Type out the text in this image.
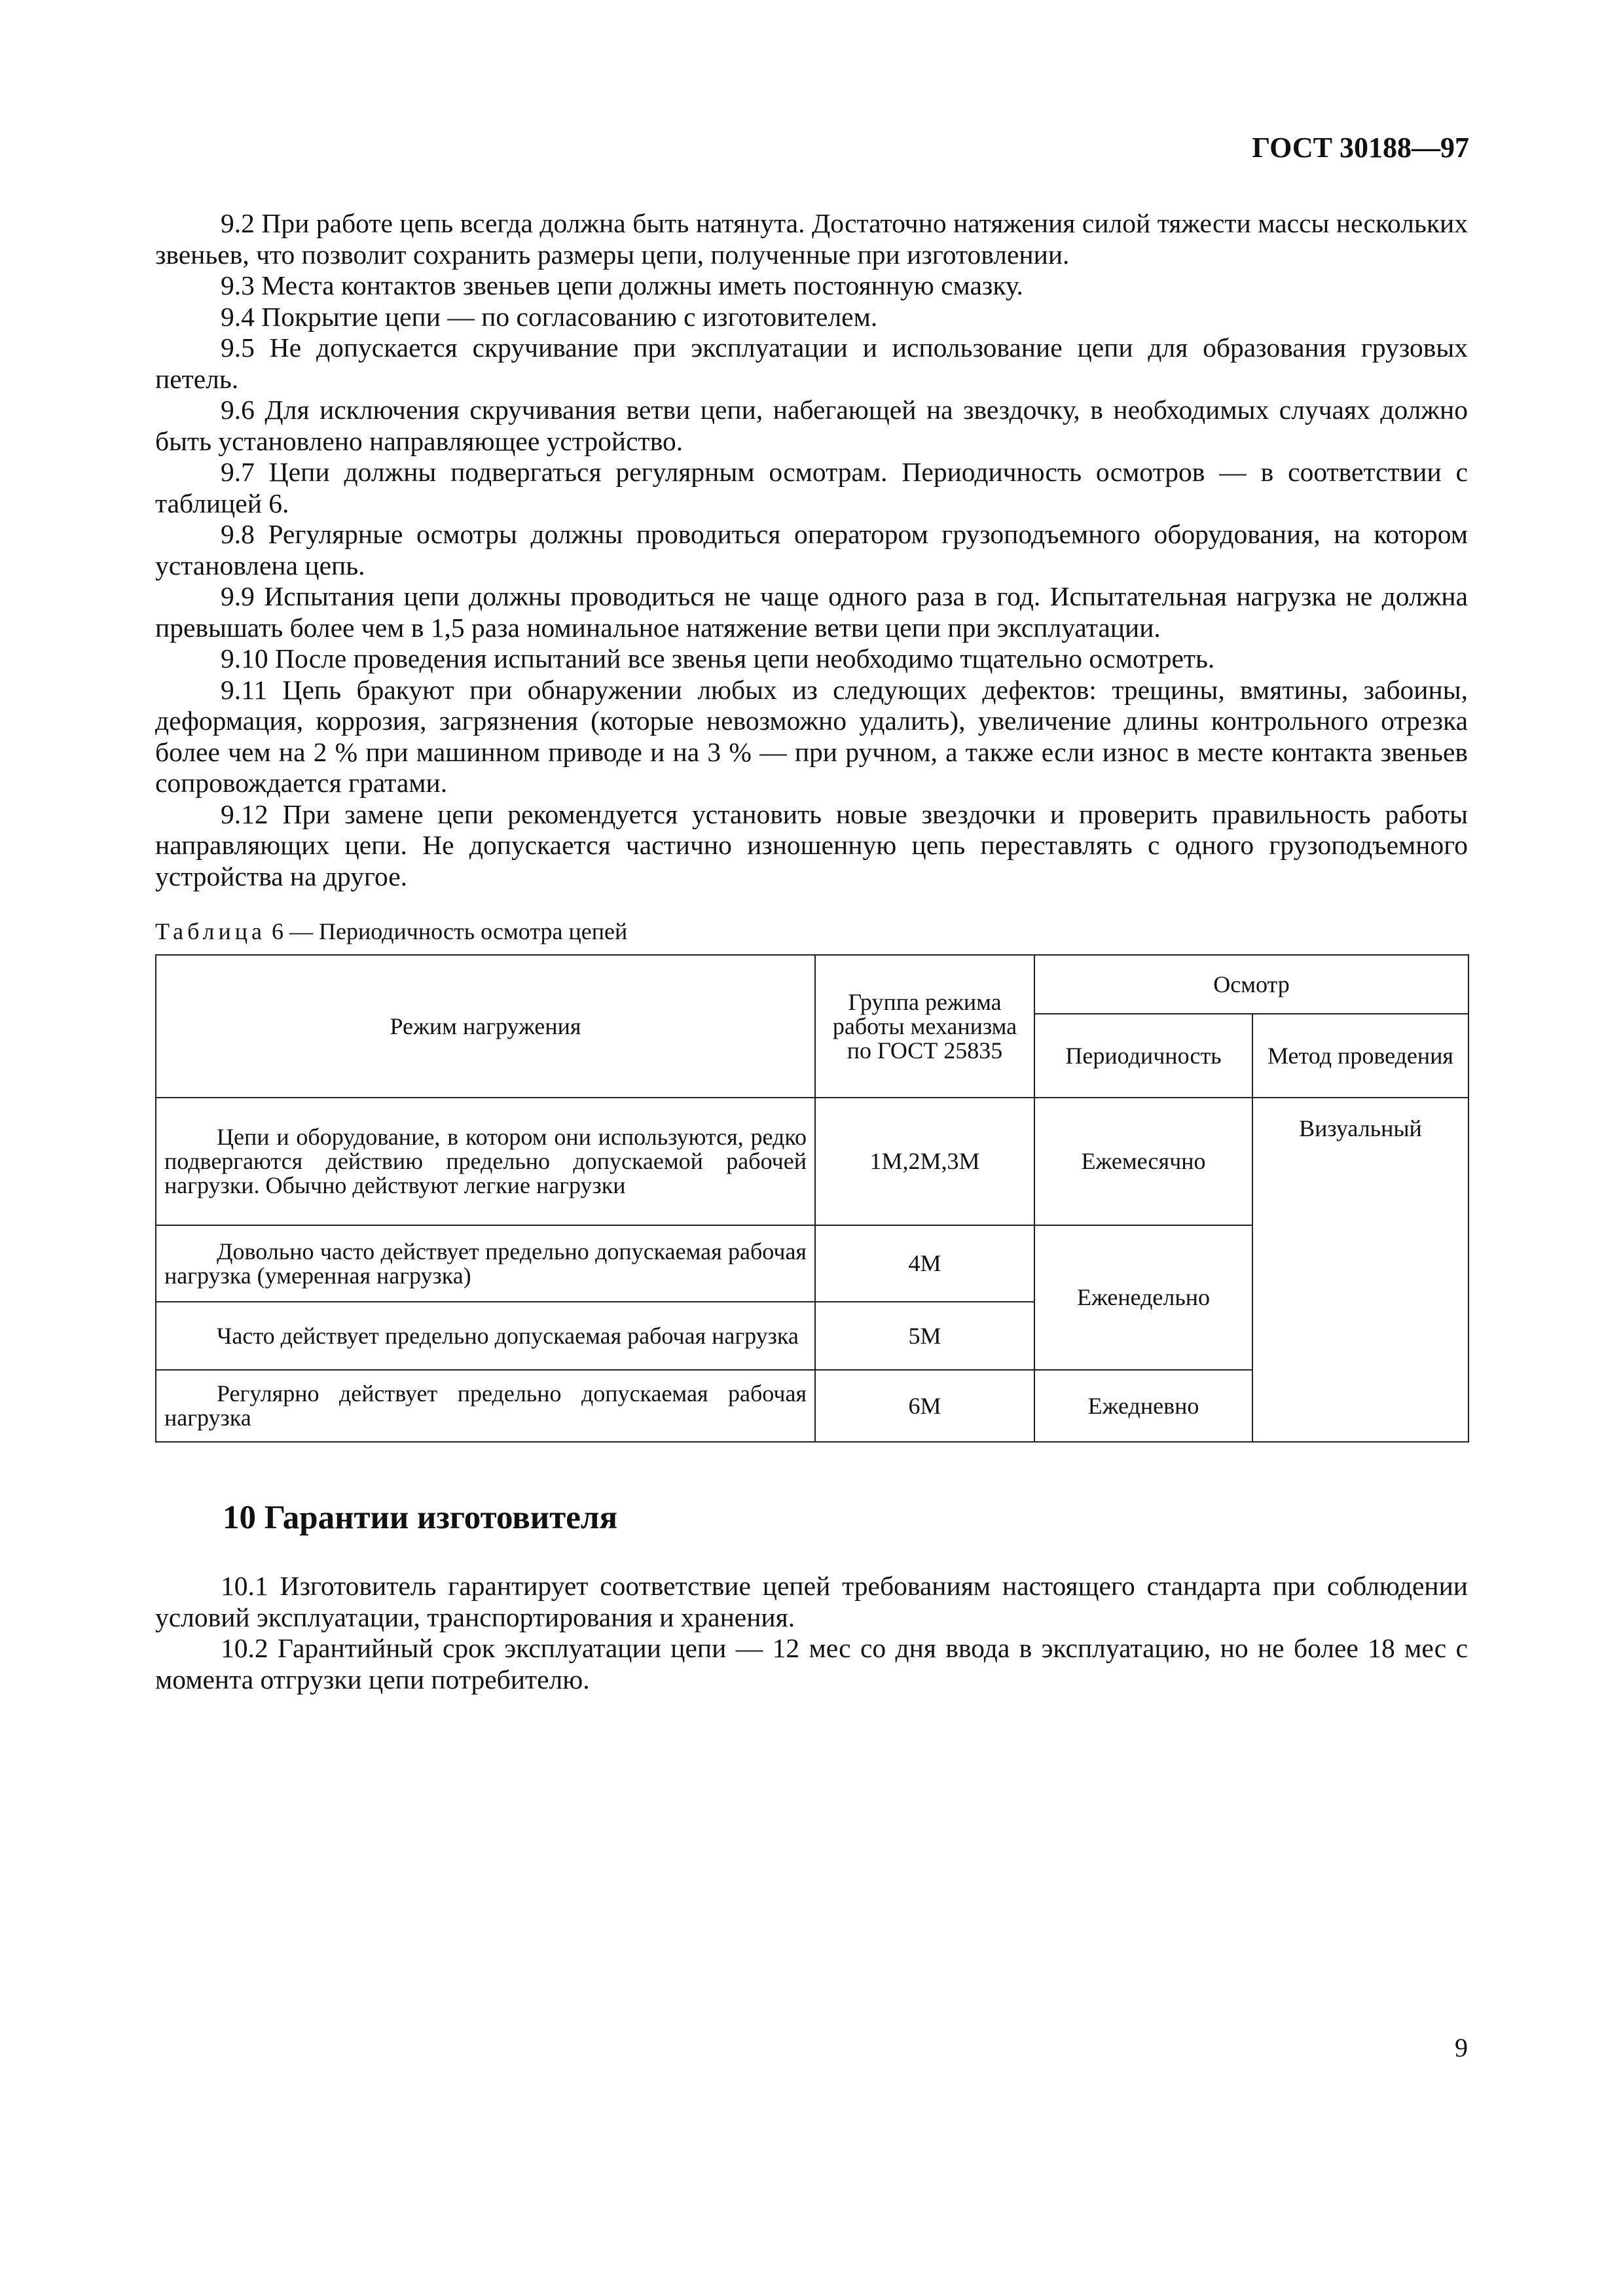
ГОСТ 30188—97

9.2 При работе цепь всегда должна быть натянута. Достаточно натяжения силой тяжести массы нескольких звеньев, что позволит сохранить размеры цепи, полученные при изготовлении.

9.3 Места контактов звеньев цепи должны иметь постоянную смазку.

9.4 Покрытие цепи — по согласованию с изготовителем.

9.5 Не допускается скручивание при эксплуатации и использование цепи для образования грузовых петель.

9.6 Для исключения скручивания ветви цепи, набегающей на звездочку, в необходимых случаях должно быть установлено направляющее устройство.

9.7 Цепи должны подвергаться регулярным осмотрам. Периодичность осмотров — в соответствии с таблицей 6.

9.8 Регулярные осмотры должны проводиться оператором грузоподъемного оборудования, на котором установлена цепь.

9.9 Испытания цепи должны проводиться не чаще одного раза в год. Испытательная нагрузка не должна превышать более чем в 1,5 раза номинальное натяжение ветви цепи при эксплуатации.

9.10 После проведения испытаний все звенья цепи необходимо тщательно осмотреть.

9.11 Цепь бракуют при обнаружении любых из следующих дефектов: трещины, вмятины, забоины, деформация, коррозия, загрязнения (которые невозможно удалить), увеличение длины контрольного отрезка более чем на 2 % при машинном приводе и на 3 % — при ручном, а также если износ в месте контакта звеньев сопровождается гратами.

9.12 При замене цепи рекомендуется установить новые звездочки и проверить правильность работы направляющих цепи. Не допускается частично изношенную цепь переставлять с одного грузоподъемного устройства на другое.

Таблица 6 — Периодичность осмотра цепей
Режим нагружения	Группа режима работы механизма по ГОСТ 25835	Осмотр	
		Периодичность	Метод проведения
Цепи и оборудование, в котором они используются, редко подвергаются действию предельно допускаемой рабочей нагрузки. Обычно действуют легкие нагрузки	1М,2М,3М	Ежемесячно	Визуальный
Довольно часто действует предельно допускаемая рабочая нагрузка (умеренная нагрузка)	4М	Еженедельно	
Часто действует предельно допускаемая рабочая нагрузка	5М		
Регулярно действует предельно допускаемая рабочая нагрузка	6М	Ежедневно	
10 Гарантии изготовителя

10.1 Изготовитель гарантирует соответствие цепей требованиям настоящего стандарта при соблюдении условий эксплуатации, транспортирования и хранения.

10.2 Гарантийный срок эксплуатации цепи — 12 мес со дня ввода в эксплуатацию, но не более 18 мес с момента отгрузки цепи потребителю.

9
